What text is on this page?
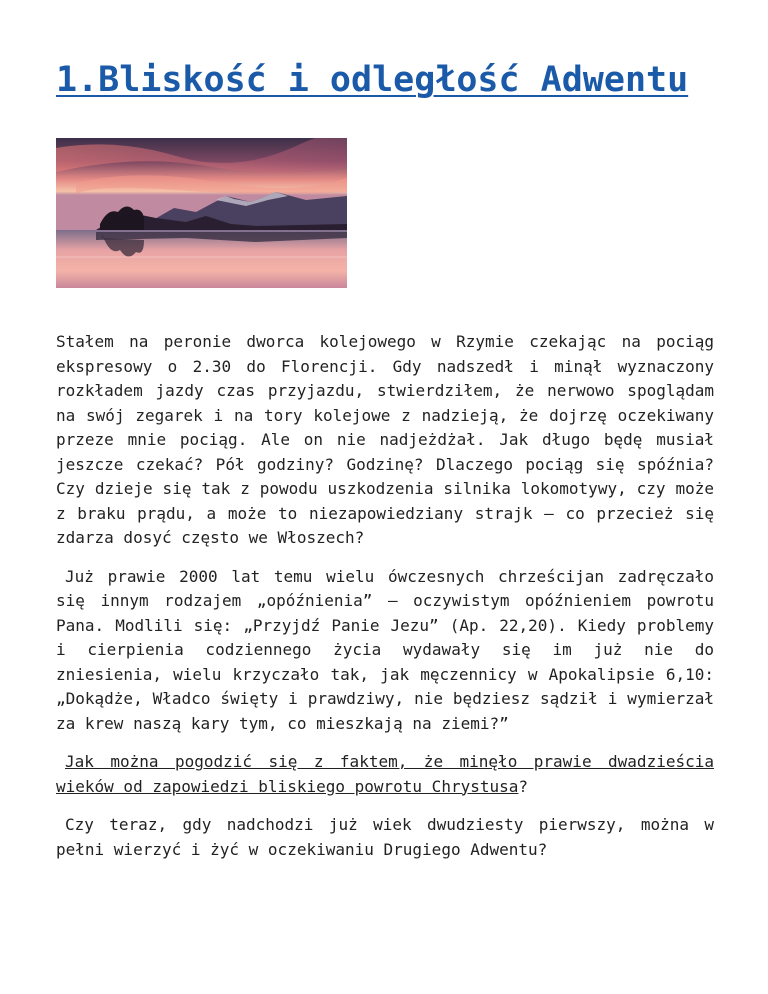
1.Bliskość i odległość Adwentu

Stałem na peronie dworca kolejowego w Rzymie czekając na pociąg ekspresowy o 2.30 do Florencji. Gdy nadszedł i minął wyznaczony rozkładem jazdy czas przyjazdu, stwierdziłem, że nerwowo spoglądam na swój zegarek i na tory kolejowe z nadzieją, że dojrzę oczekiwany przeze mnie pociąg. Ale on nie nadjeżdżał. Jak długo będę musiał jeszcze czekać? Pół godziny? Godzinę? Dlaczego pociąg się spóźnia? Czy dzieje się tak z powodu uszkodzenia silnika lokomotywy, czy może z braku prądu, a może to niezapowiedziany strajk – co przecież się zdarza dosyć często we Włoszech?

Już prawie 2000 lat temu wielu ówczesnych chrześcijan zadręczało się innym rodzajem „opóźnienia” – oczywistym opóźnieniem powrotu Pana. Modlili się: „Przyjdź Panie Jezu” (Ap. 22,20). Kiedy problemy i cierpienia codziennego życia wydawały się im już nie do zniesienia, wielu krzyczało tak, jak męczennicy w Apokalipsie 6,10: „Dokądże, Władco święty i prawdziwy, nie będziesz sądził i wymierzał za krew naszą kary tym, co mieszkają na ziemi?”

Jak można pogodzić się z faktem, że minęło prawie dwadzieścia wieków od zapowiedzi bliskiego powrotu Chrystusa?

Czy teraz, gdy nadchodzi już wiek dwudziesty pierwszy, można w pełni wierzyć i żyć w oczekiwaniu Drugiego Adwentu?
